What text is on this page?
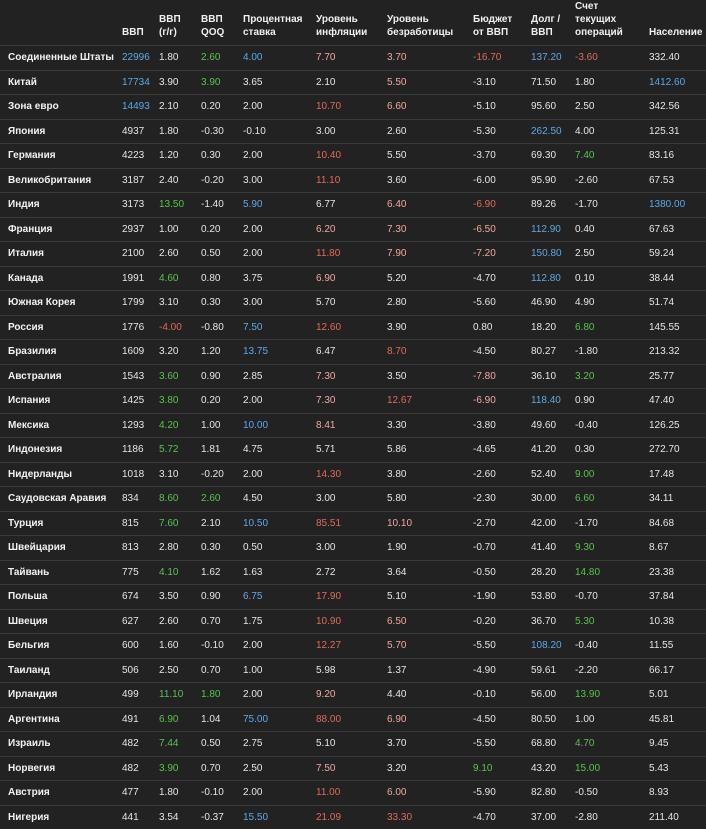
	ВВП	ВВП (г/г)	ВВП QOQ	Процентная ставка	Уровень инфляции	Уровень безработицы	Бюджет от ВВП	Долг / ВВП	Счет текущих операций	Население
Соединенные Штаты	22996	1.80	2.60	4.00	7.70	3.70	-16.70	137.20	-3.60	332.40
Китай	17734	3.90	3.90	3.65	2.10	5.50	-3.10	71.50	1.80	1412.60
Зона евро	14493	2.10	0.20	2.00	10.70	6.60	-5.10	95.60	2.50	342.56
Япония	4937	1.80	-0.30	-0.10	3.00	2.60	-5.30	262.50	4.00	125.31
Германия	4223	1.20	0.30	2.00	10.40	5.50	-3.70	69.30	7.40	83.16
Великобритания	3187	2.40	-0.20	3.00	11.10	3.60	-6.00	95.90	-2.60	67.53
Индия	3173	13.50	-1.40	5.90	6.77	6.40	-6.90	89.26	-1.70	1380.00
Франция	2937	1.00	0.20	2.00	6.20	7.30	-6.50	112.90	0.40	67.63
Италия	2100	2.60	0.50	2.00	11.80	7.90	-7.20	150.80	2.50	59.24
Канада	1991	4.60	0.80	3.75	6.90	5.20	-4.70	112.80	0.10	38.44
Южная Корея	1799	3.10	0.30	3.00	5.70	2.80	-5.60	46.90	4.90	51.74
Россия	1776	-4.00	-0.80	7.50	12.60	3.90	0.80	18.20	6.80	145.55
Бразилия	1609	3.20	1.20	13.75	6.47	8.70	-4.50	80.27	-1.80	213.32
Австралия	1543	3.60	0.90	2.85	7.30	3.50	-7.80	36.10	3.20	25.77
Испания	1425	3.80	0.20	2.00	7.30	12.67	-6.90	118.40	0.90	47.40
Мексика	1293	4.20	1.00	10.00	8.41	3.30	-3.80	49.60	-0.40	126.25
Индонезия	1186	5.72	1.81	4.75	5.71	5.86	-4.65	41.20	0.30	272.70
Нидерланды	1018	3.10	-0.20	2.00	14.30	3.80	-2.60	52.40	9.00	17.48
Саудовская Аравия	834	8.60	2.60	4.50	3.00	5.80	-2.30	30.00	6.60	34.11
Турция	815	7.60	2.10	10.50	85.51	10.10	-2.70	42.00	-1.70	84.68
Швейцария	813	2.80	0.30	0.50	3.00	1.90	-0.70	41.40	9.30	8.67
Тайвань	775	4.10	1.62	1.63	2.72	3.64	-0.50	28.20	14.80	23.38
Польша	674	3.50	0.90	6.75	17.90	5.10	-1.90	53.80	-0.70	37.84
Швеция	627	2.60	0.70	1.75	10.90	6.50	-0.20	36.70	5.30	10.38
Бельгия	600	1.60	-0.10	2.00	12.27	5.70	-5.50	108.20	-0.40	11.55
Таиланд	506	2.50	0.70	1.00	5.98	1.37	-4.90	59.61	-2.20	66.17
Ирландия	499	11.10	1.80	2.00	9.20	4.40	-0.10	56.00	13.90	5.01
Аргентина	491	6.90	1.04	75.00	88.00	6.90	-4.50	80.50	1.00	45.81
Израиль	482	7.44	0.50	2.75	5.10	3.70	-5.50	68.80	4.70	9.45
Норвегия	482	3.90	0.70	2.50	7.50	3.20	9.10	43.20	15.00	5.43
Австрия	477	1.80	-0.10	2.00	11.00	6.00	-5.90	82.80	-0.50	8.93
Нигерия	441	3.54	-0.37	15.50	21.09	33.30	-4.70	37.00	-2.80	211.40
